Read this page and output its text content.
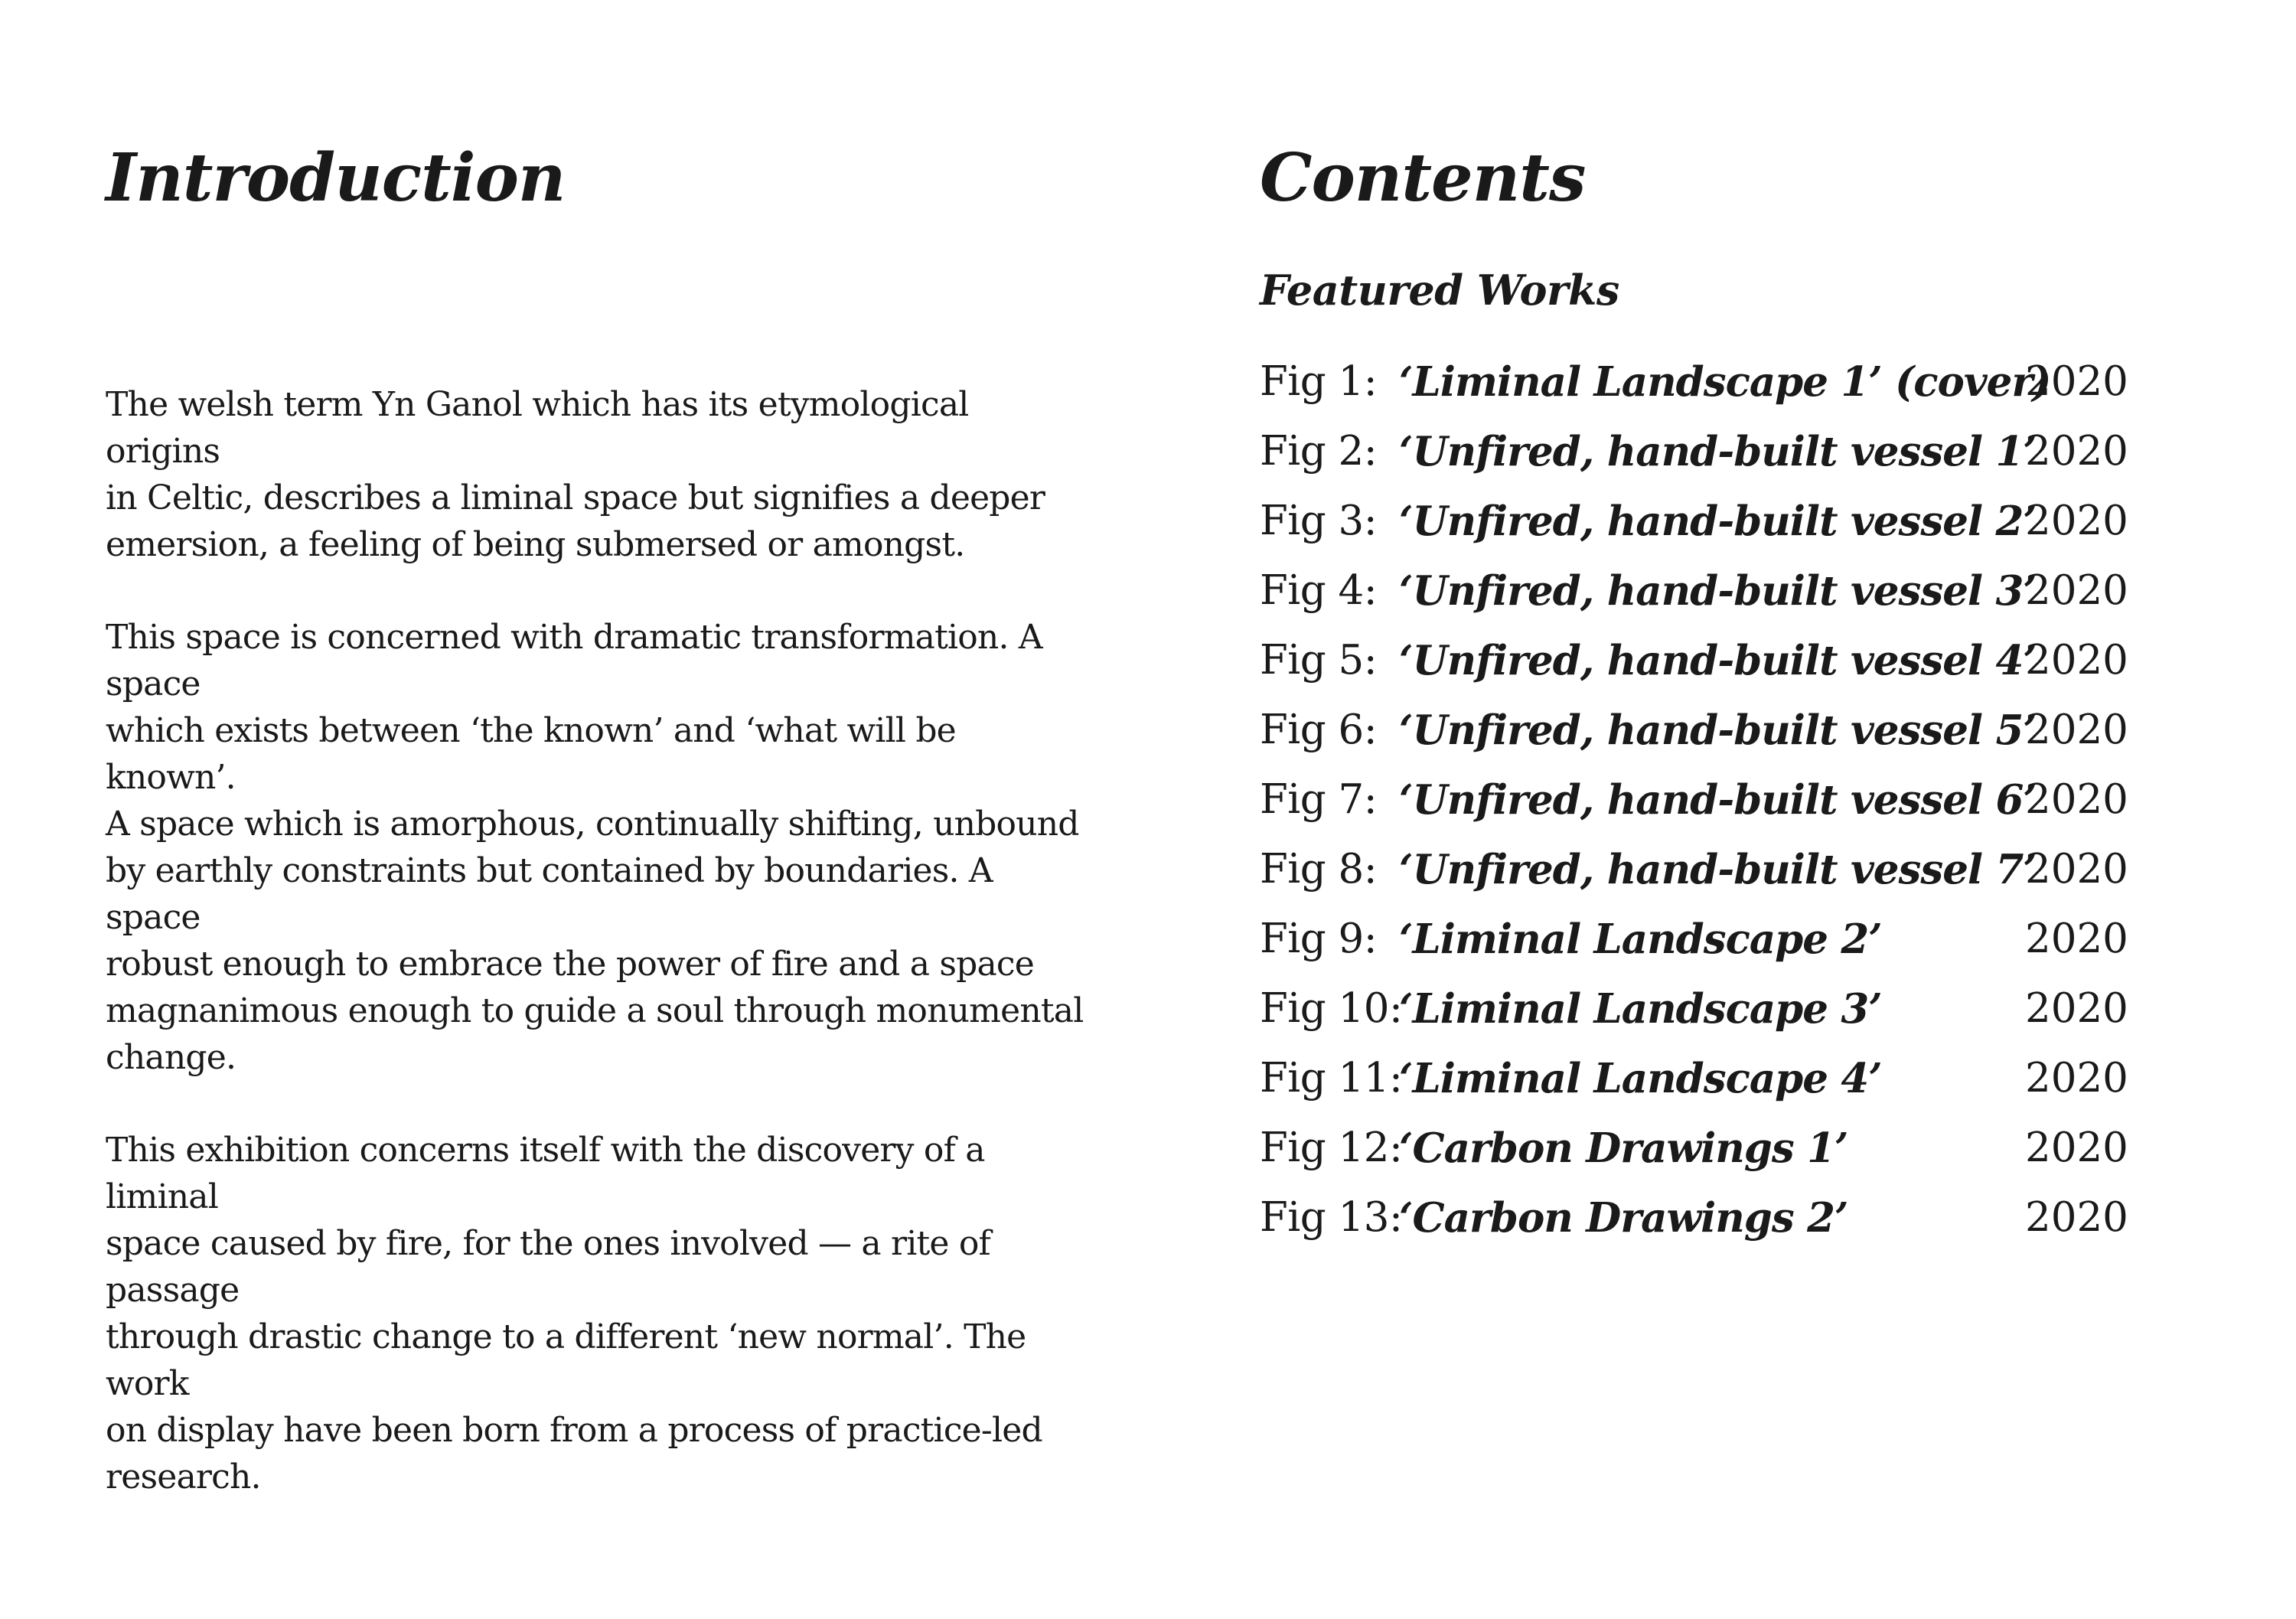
Introduction

The welsh term Yn Ganol which has its etymological origins
in Celtic, describes a liminal space but signifies a deeper
emersion, a feeling of being submersed or amongst.

This space is concerned with dramatic transformation. A space
which exists between ‘the known’ and ‘what will be known’.
A space which is amorphous, continually shifting, unbound
by earthly constraints but contained by boundaries. A space
robust enough to embrace the power of fire and a space
magnanimous enough to guide a soul through monumental
change.

This exhibition concerns itself with the discovery of a liminal
space caused by fire, for the ones involved — a rite of passage
through drastic change to a different ‘new normal’. The work
on display have been born from a process of practice-led
research.

Contents
Featured Works
Fig 1: ‘Liminal Landscape 1’ (cover)
2020
Fig 2: ‘Unfired, hand-built vessel 1’
2020
Fig 3: ‘Unfired, hand-built vessel 2’
2020
Fig 4: ‘Unfired, hand-built vessel 3’
2020
Fig 5: ‘Unfired, hand-built vessel 4’
2020
Fig 6: ‘Unfired, hand-built vessel 5’
2020
Fig 7: ‘Unfired, hand-built vessel 6’
2020
Fig 8: ‘Unfired, hand-built vessel 7’
2020
Fig 9: ‘Liminal Landscape 2’	2020
Fig 10:
‘Liminal Landscape 3’	2020
Fig 11:
‘Liminal Landscape 4’	2020
Fig 12:
‘Carbon Drawings 1’	2020
Fig 13:
‘Carbon Drawings 2’	2020
